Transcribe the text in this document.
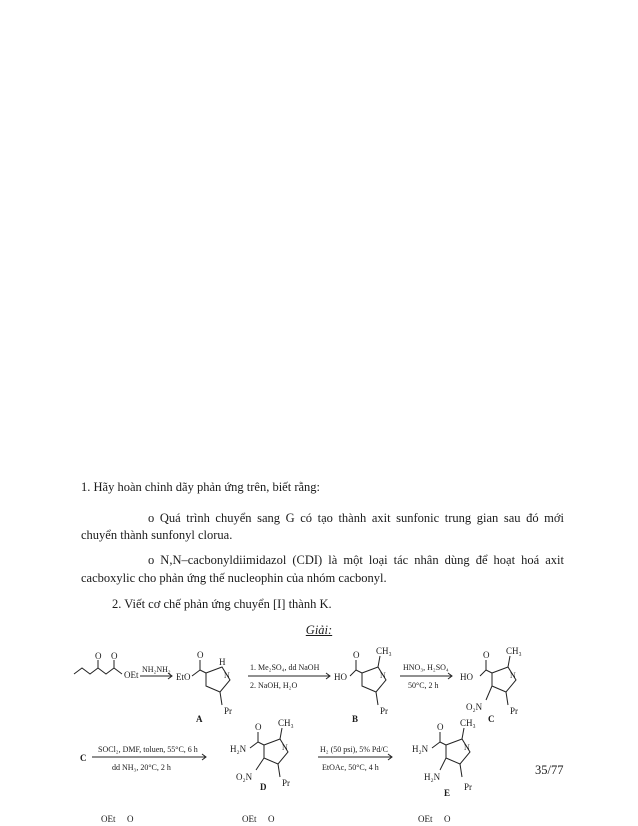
1. Hãy hoàn chỉnh dãy phản ứng trên, biết rằng:
o Quá trình chuyển sang G có tạo thành axit sunfonic trung gian sau đó mới
chuyển thành sunfonyl clorua.
o N,N–cacbonyldiimidazol (CDI) là một loại tác nhân dùng để hoạt hoá axit
cacboxylic cho phản ứng thế nucleophin của nhóm cacbonyl.
2. Viết cơ chế phản ứng chuyển [I] thành K.
Giải:
O O
OEt
NH₂NH₂
EtO
O
H
N
Pr
A
1. Me₂SO₄, dd NaOH
2. NaOH, H₂O
HO
O CH₃
N
Pr
B
HNO₃, H₂SO₄
50°C, 2 h
HO
O CH₃
N
O₂N	Pr
C
C
SOCl₂, DMF, toluen, 55°C, 6 h
dd NH₃, 20°C, 2 h
H₂N
O CH₃
N
O₂N
Pr
D
H₂ (50 psi), 5% Pd/C
EtOAc, 50°C, 4 h
H₂N
O CH₃
N
H₂N
Pr
E
OEt O	OEt O	OEt O
35/77
